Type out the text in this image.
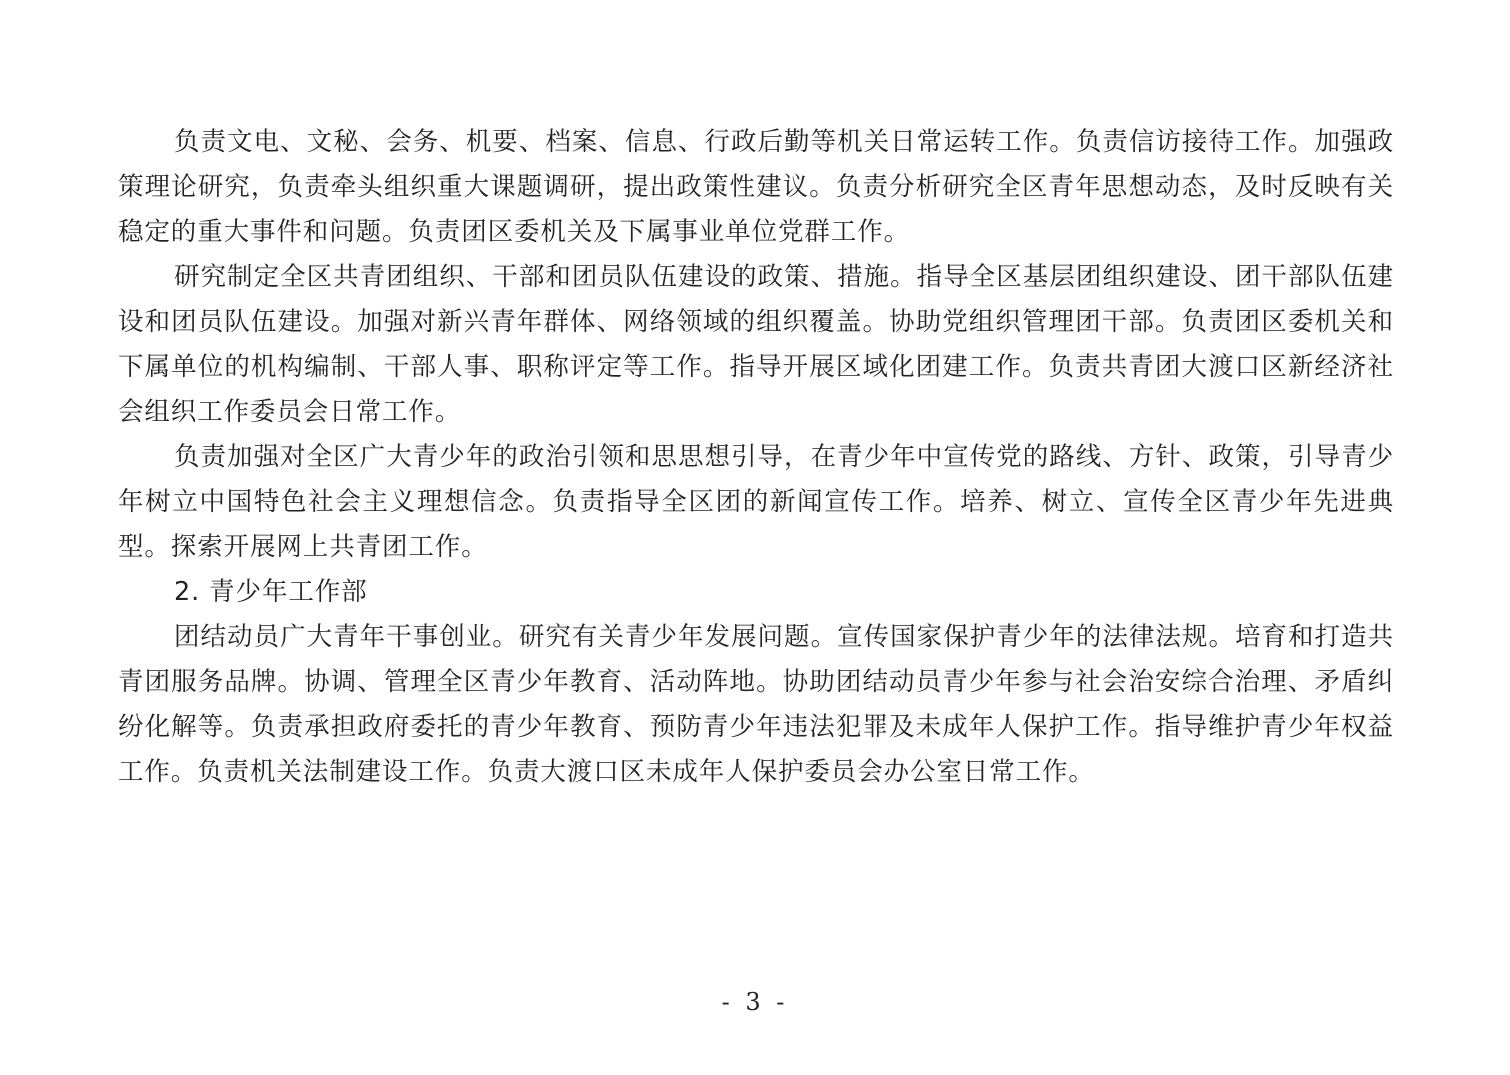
负责文电、文秘、会务、机要、档案、信息、行政后勤等机关日常运转工作。负责信访接待工作。加强政策理论研究，负责牵头组织重大课题调研，提出政策性建议。负责分析研究全区青年思想动态，及时反映有关稳定的重大事件和问题。负责团区委机关及下属事业单位党群工作。

研究制定全区共青团组织、干部和团员队伍建设的政策、措施。指导全区基层团组织建设、团干部队伍建设和团员队伍建设。加强对新兴青年群体、网络领域的组织覆盖。协助党组织管理团干部。负责团区委机关和下属单位的机构编制、干部人事、职称评定等工作。指导开展区域化团建工作。负责共青团大渡口区新经济社会组织工作委员会日常工作。

负责加强对全区广大青少年的政治引领和思思想引导，在青少年中宣传党的路线、方针、政策，引导青少年树立中国特色社会主义理想信念。负责指导全区团的新闻宣传工作。培养、树立、宣传全区青少年先进典型。探索开展网上共青团工作。

2. 青少年工作部

团结动员广大青年干事创业。研究有关青少年发展问题。宣传国家保护青少年的法律法规。培育和打造共青团服务品牌。协调、管理全区青少年教育、活动阵地。协助团结动员青少年参与社会治安综合治理、矛盾纠纷化解等。负责承担政府委托的青少年教育、预防青少年违法犯罪及未成年人保护工作。指导维护青少年权益工作。负责机关法制建设工作。负责大渡口区未成年人保护委员会办公室日常工作。

- 3 -
